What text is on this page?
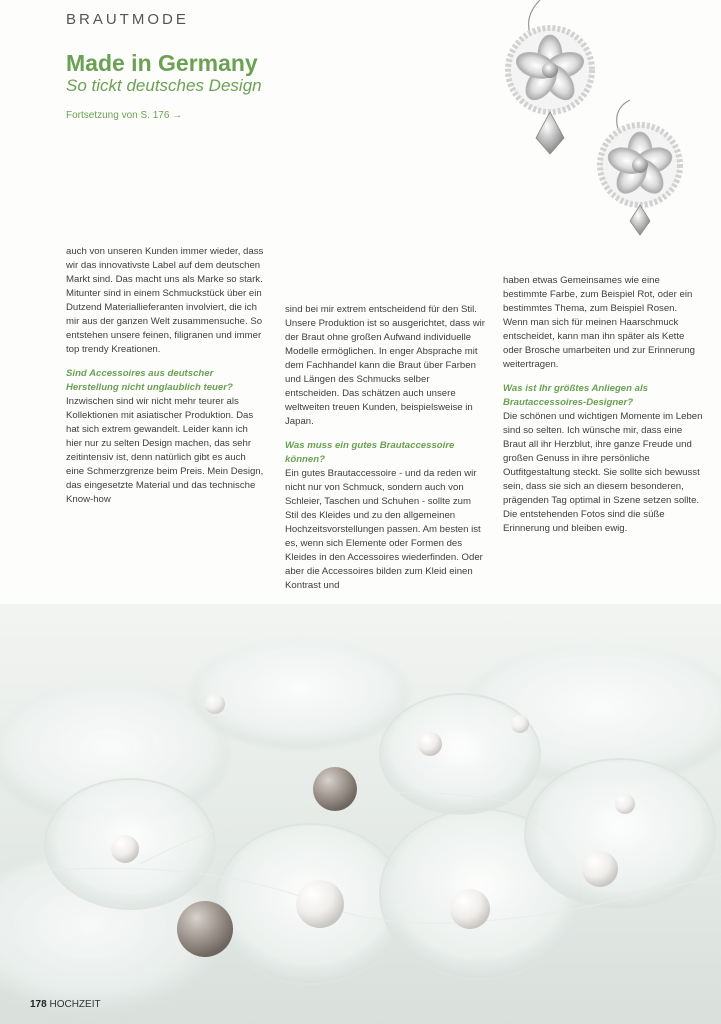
BRAUTMODE
Made in Germany
So tickt deutsches Design
Fortsetzung von S. 176 →

auch von unseren Kunden immer wieder, dass wir das innovativste Label auf dem deutschen Markt sind. Das macht uns als Marke so stark. Mitunter sind in einem Schmuckstück über ein Dutzend Materiallieferanten involviert, die ich mir aus der ganzen Welt zusammensuche. So entstehen unsere feinen, filigranen und immer top trendy Kreationen.

Sind Accessoires aus deutscher Herstellung nicht unglaublich teuer?

Inzwischen sind wir nicht mehr teurer als Kollektionen mit asiatischer Produktion. Das hat sich extrem gewandelt. Leider kann ich hier nur zu selten Design machen, das sehr zeitintensiv ist, denn natürlich gibt es auch eine Schmerzgrenze beim Preis. Mein Design, das eingesetzte Material und das technische Know-how

sind bei mir extrem entscheidend für den Stil. Unsere Produktion ist so ausgerichtet, dass wir der Braut ohne großen Aufwand individuelle Modelle ermöglichen. In enger Absprache mit dem Fachhandel kann die Braut über Farben und Längen des Schmucks selber entscheiden. Das schätzen auch unsere weltweiten treuen Kunden, beispielsweise in Japan.

Was muss ein gutes Brautaccessoire können?

Ein gutes Brautaccessoire - und da reden wir nicht nur von Schmuck, sondern auch von Schleier, Taschen und Schuhen - sollte zum Stil des Kleides und zu den allgemeinen Hochzeitsvorstellungen passen. Am besten ist es, wenn sich Elemente oder Formen des Kleides in den Accessoires wiederfinden. Oder aber die Accessoires bilden zum Kleid einen Kontrast und

haben etwas Gemeinsames wie eine bestimmte Farbe, zum Beispiel Rot, oder ein bestimmtes Thema, zum Beispiel Rosen. Wenn man sich für meinen Haarschmuck entscheidet, kann man ihn später als Kette oder Brosche umarbeiten und zur Erinnerung weitertragen.

Was ist Ihr größtes Anliegen als Brautaccessoires-Designer?

Die schönen und wichtigen Momente im Leben sind so selten. Ich wünsche mir, dass eine Braut all ihr Herzblut, ihre ganze Freude und großen Genuss in ihre persönliche Outfitgestaltung steckt. Sie sollte sich bewusst sein, dass sie sich an diesem besonderen, prägenden Tag optimal in Szene setzen sollte. Die entstehenden Fotos sind die süße Erinnerung und bleiben ewig.

178 HOCHZEIT
